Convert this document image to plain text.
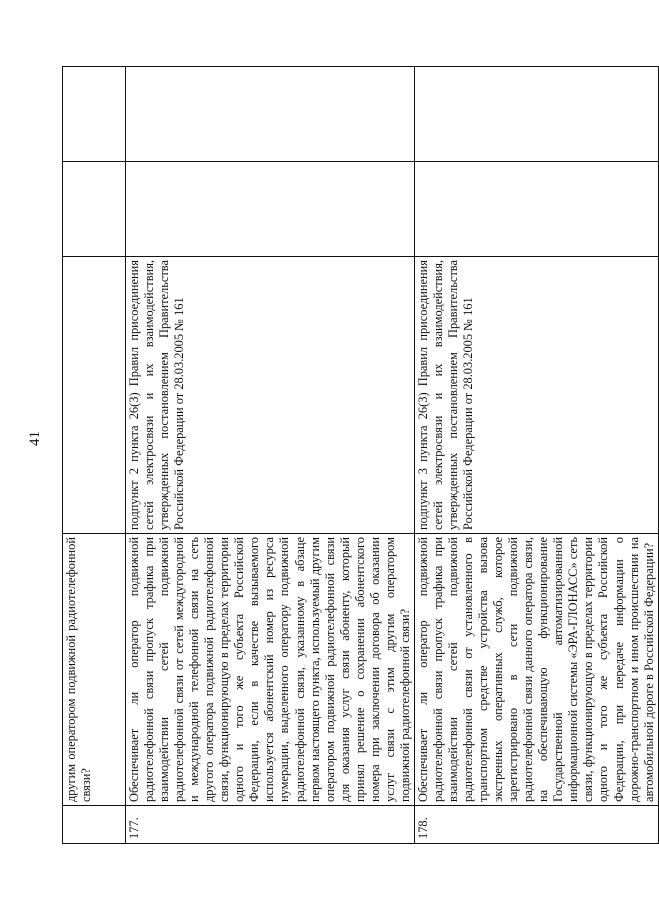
41
	другим оператором подвижной радиотелефонной связи?			
177.	Обеспечивает ли оператор подвижной радиотелефонной связи пропуск трафика при взаимодействии сетей подвижной радиотелефонной связи от сетей междугородной и международной телефонной связи на сеть другого оператора подвижной радиотелефонной связи, функционирующую в пределах территории одного и того же субъекта Российской Федерации, если в качестве вызываемого используется абонентский номер из ресурса нумерации, выделенного оператору подвижной радиотелефонной связи, указанному в абзаце первом настоящего пункта, используемый другим оператором подвижной радиотелефонной связи для оказания услуг связи абоненту, который принял решение о сохранении абонентского номера при заключении договора об оказании услуг связи с этим другим оператором подвижной радиотелефонной связи?	подпункт 2 пункта 26(3) Правил присоединения сетей электросвязи и их взаимодействия, утвержденных постановлением Правительства Российской Федерации от 28.03.2005 № 161		
178.	Обеспечивает ли оператор подвижной радиотелефонной связи пропуск трафика при взаимодействии сетей подвижной радиотелефонной связи от установленного в транспортном средстве устройства вызова экстренных оперативных служб, которое зарегистрировано в сети подвижной радиотелефонной связи данного оператора связи, на обеспечивающую функционирование Государственной автоматизированной информационной системы «ЭРА-ГЛОНАСС» сеть связи, функционирующую в пределах территории одного и того же субъекта Российской Федерации, при передаче информации о дорожно-транспортном и ином происшествии на автомобильной дороге в Российской Федерации?	подпункт 3 пункта 26(3) Правил присоединения сетей электросвязи и их взаимодействия, утвержденных постановлением Правительства Российской Федерации от 28.03.2005 № 161		
